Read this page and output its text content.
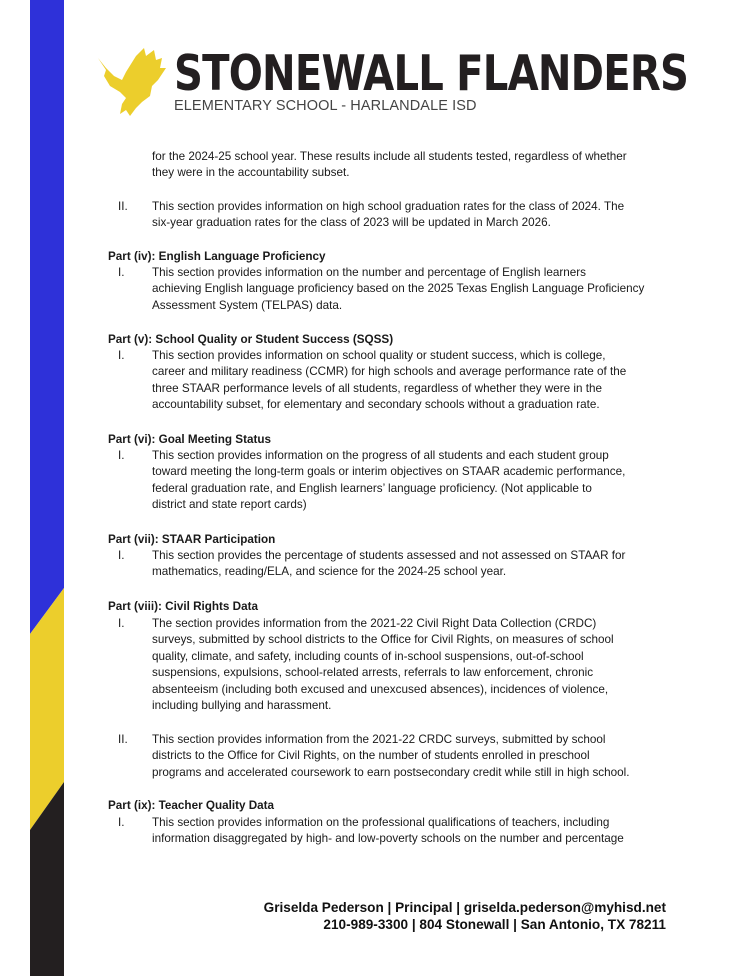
STONEWALL FLANDERS
ELEMENTARY SCHOOL - HARLANDALE ISD
for the 2024-25 school year. These results include all students tested, regardless of whether
they were in the accountability subset.
II. This section provides information on high school graduation rates for the class of 2024. The
six-year graduation rates for the class of 2023 will be updated in March 2026.
Part (iv): English Language Proficiency
I. This section provides information on the number and percentage of English learners
achieving English language proficiency based on the 2025 Texas English Language Proficiency
Assessment System (TELPAS) data.
Part (v): School Quality or Student Success (SQSS)
I. This section provides information on school quality or student success, which is college,
career and military readiness (CCMR) for high schools and average performance rate of the
three STAAR performance levels of all students, regardless of whether they were in the
accountability subset, for elementary and secondary schools without a graduation rate.
Part (vi): Goal Meeting Status
I. This section provides information on the progress of all students and each student group
toward meeting the long-term goals or interim objectives on STAAR academic performance,
federal graduation rate, and English learners’ language proficiency. (Not applicable to
district and state report cards)
Part (vii): STAAR Participation
I. This section provides the percentage of students assessed and not assessed on STAAR for
mathematics, reading/ELA, and science for the 2024-25 school year.
Part (viii): Civil Rights Data
I. The section provides information from the 2021-22 Civil Right Data Collection (CRDC)
surveys, submitted by school districts to the Office for Civil Rights, on measures of school
quality, climate, and safety, including counts of in-school suspensions, out-of-school
suspensions, expulsions, school-related arrests, referrals to law enforcement, chronic
absenteeism (including both excused and unexcused absences), incidences of violence,
including bullying and harassment.
II. This section provides information from the 2021-22 CRDC surveys, submitted by school
districts to the Office for Civil Rights, on the number of students enrolled in preschool
programs and accelerated coursework to earn postsecondary credit while still in high school.
Part (ix): Teacher Quality Data
I. This section provides information on the professional qualifications of teachers, including
information disaggregated by high- and low-poverty schools on the number and percentage
Griselda Pederson | Principal | griselda.pederson@myhisd.net
210-989-3300 | 804 Stonewall | San Antonio, TX 78211
